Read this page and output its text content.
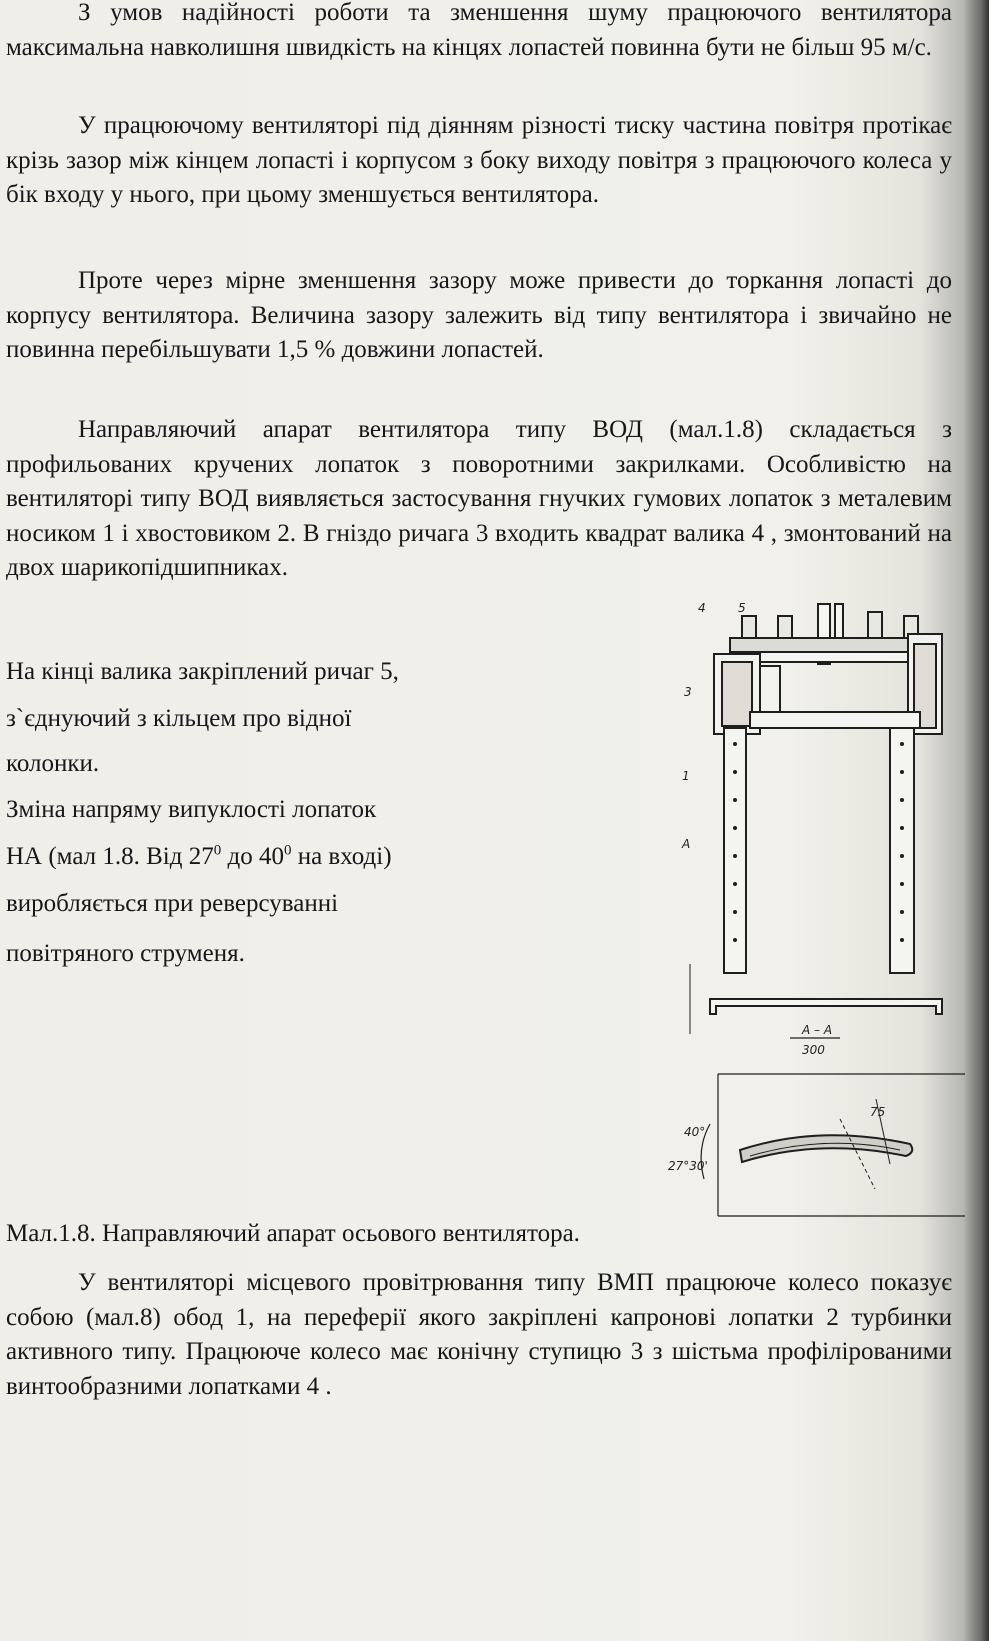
З умов надійності роботи та зменшення шуму працюючого вентилятора максимальна навколишня швидкість на кінцях лопастей повинна бути не більш 95 м/с.

У працюючому вентиляторі під діянням різності тиску частина повітря протікає крізь зазор між кінцем лопасті і корпусом з боку виходу повітря з працюючого колеса у бік входу у нього, при цьому зменшується вентилятора.

Проте через мірне зменшення зазору може привести до торкання лопасті до корпусу вентилятора. Величина зазору залежить від типу вентилятора і звичайно не повинна перебільшувати 1,5 % довжини лопастей.

Направляючий апарат вентилятора типу ВОД (мал.1.8) складається з профильованих кручених лопаток з поворотними закрилками. Особливістю на вентиляторі типу ВОД виявляється застосування гнучких гумових лопаток з металевим носиком 1 і хвостовиком 2. В гніздо ричага 3 входить квадрат валика 4 , змонтований на двох шарикопідшипниках.

На кінці валика закріплений ричаг 5,

з`єднуючий з кільцем про відної

колонки.

Зміна напряму випуклості лопаток

НА (мал 1.8. Від $27^0$ до $40^0$ на вході)

виробляється при реверсуванні

повітряного струменя.

4	5
3
1
A
A – A
300
40°
27°30'
75

Мал.1.8. Направляючий апарат осьового вентилятора.

У вентиляторі місцевого провітрювання типу ВМП працююче колесо показує собою (мал.8) обод 1, на переферії якого закріплені капронові лопатки 2 турбинки активного типу. Працююче колесо має конічну ступицю 3 з шістьма профілірованими винтообразними лопатками 4 .
